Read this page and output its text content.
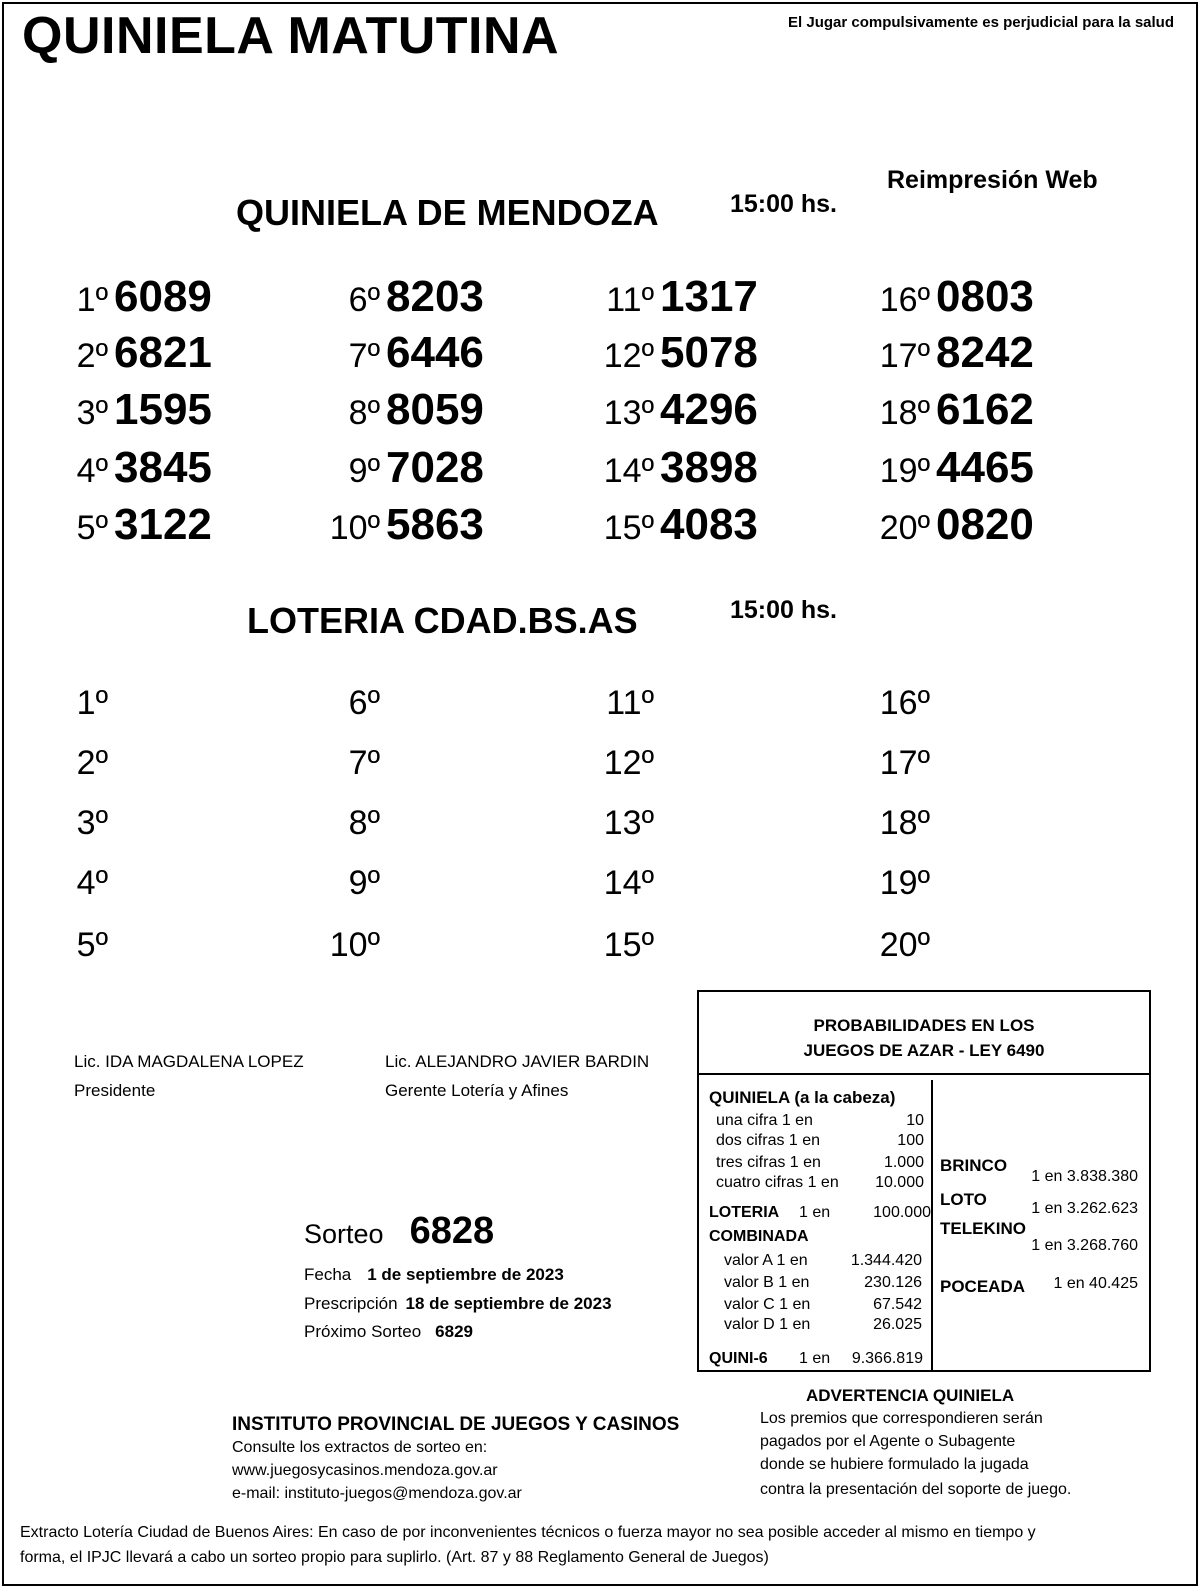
QUINIELA MATUTINA	El Jugar compulsivamente es perjudicial para la salud
Reimpresión Web
QUINIELA DE MENDOZA	15:00 hs.
1º 6089
2º 6821
3º 1595
4º 3845
5º 3122
6º 8203
7º 6446
8º 8059
9º 7028
10º 5863
11º 1317
12º 5078
13º 4296
14º 3898
15º 4083
16º 0803
17º 8242
18º 6162
19º 4465
20º 0820
LOTERIA CDAD.BS.AS	15:00 hs.
1º
2º
3º
4º
5º
6º
7º
8º
9º
10º
11º
12º
13º
14º
15º
16º
17º
18º
19º
20º
Lic. IDA MAGDALENA LOPEZ
Presidente
Lic. ALEJANDRO JAVIER BARDIN
Gerente Lotería y Afines
Sorteo 6828
Fecha 1 de septiembre de 2023
Prescripción 18 de septiembre de 2023
Próximo Sorteo 6829
PROBABILIDADES EN LOS
JUEGOS DE AZAR - LEY 6490
QUINIELA (a la cabeza)
una cifra 1 en	10
dos cifras 1 en	100
tres cifras 1 en	1.000
cuatro cifras 1 en	10.000
LOTERIA 1 en	100.000
COMBINADA
valor A 1 en	1.344.420
valor B 1 en	230.126
valor C 1 en	67.542
valor D 1 en	26.025
QUINI-6 1 en	9.366.819
BRINCO
1 en 3.838.380
LOTO	1 en 3.262.623
TELEKINO
1 en 3.268.760
POCEADA	1 en 40.425
ADVERTENCIA QUINIELA
Los premios que correspondieren serán
pagados por el Agente o Subagente
donde se hubiere formulado la jugada
contra la presentación del soporte de juego.
INSTITUTO PROVINCIAL DE JUEGOS Y CASINOS
Consulte los extractos de sorteo en:
www.juegosycasinos.mendoza.gov.ar
e-mail: instituto-juegos@mendoza.gov.ar
Extracto Lotería Ciudad de Buenos Aires: En caso de por inconvenientes técnicos o fuerza mayor no sea posible acceder al mismo en tiempo y
forma, el IPJC llevará a cabo un sorteo propio para suplirlo. (Art. 87 y 88 Reglamento General de Juegos)
